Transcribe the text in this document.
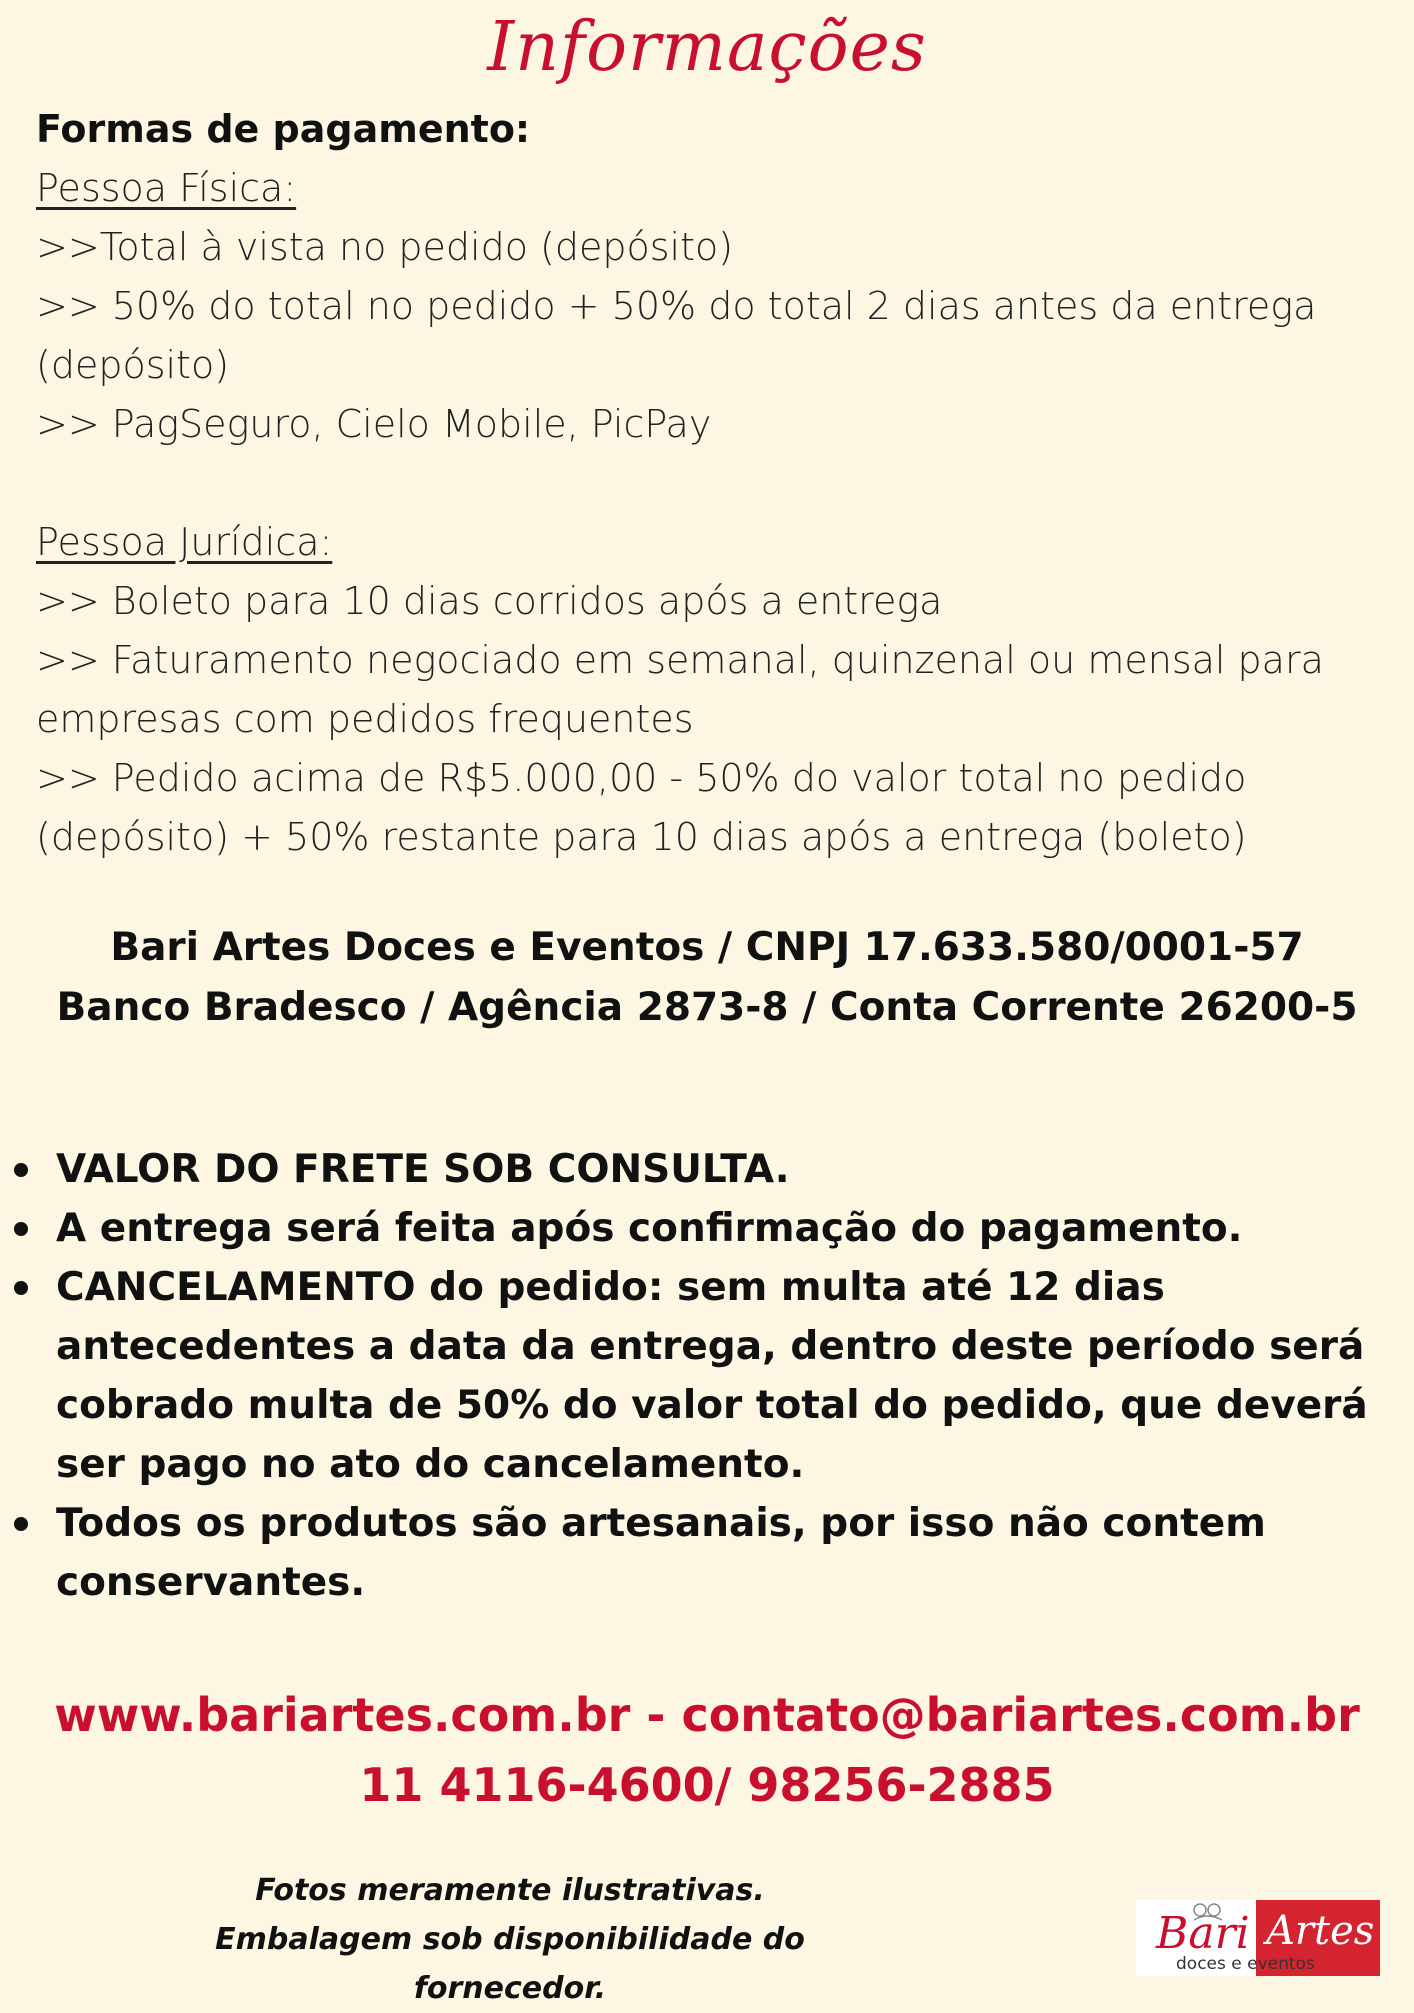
Informações
Formas de pagamento:
Pessoa Física:
>>Total à vista no pedido (depósito)
>> 50% do total no pedido + 50% do total 2 dias antes da entrega (depósito)
>> PagSeguro, Cielo Mobile, PicPay
Pessoa Jurídica:
>> Boleto para 10 dias corridos após a entrega
>> Faturamento negociado em semanal, quinzenal ou mensal para empresas com pedidos frequentes
>> Pedido acima de R$5.000,00 - 50% do valor total no pedido (depósito) + 50% restante para 10 dias após a entrega (boleto)
Bari Artes Doces e Eventos / CNPJ 17.633.580/0001-57
Banco Bradesco / Agência 2873-8 / Conta Corrente 26200-5
VALOR DO FRETE SOB CONSULTA.
A entrega será feita após confirmação do pagamento.
CANCELAMENTO do pedido: sem multa até 12 dias antecedentes a data da entrega, dentro deste período será cobrado multa de 50% do valor total do pedido, que deverá ser pago no ato do cancelamento.
Todos os produtos são artesanais, por isso não contem conservantes.
www.bariartes.com.br - contato@bariartes.com.br
11 4116-4600/ 98256-2885
Fotos meramente ilustrativas.
Embalagem sob disponibilidade do fornecedor.
Bari Artes
doces e eventos
